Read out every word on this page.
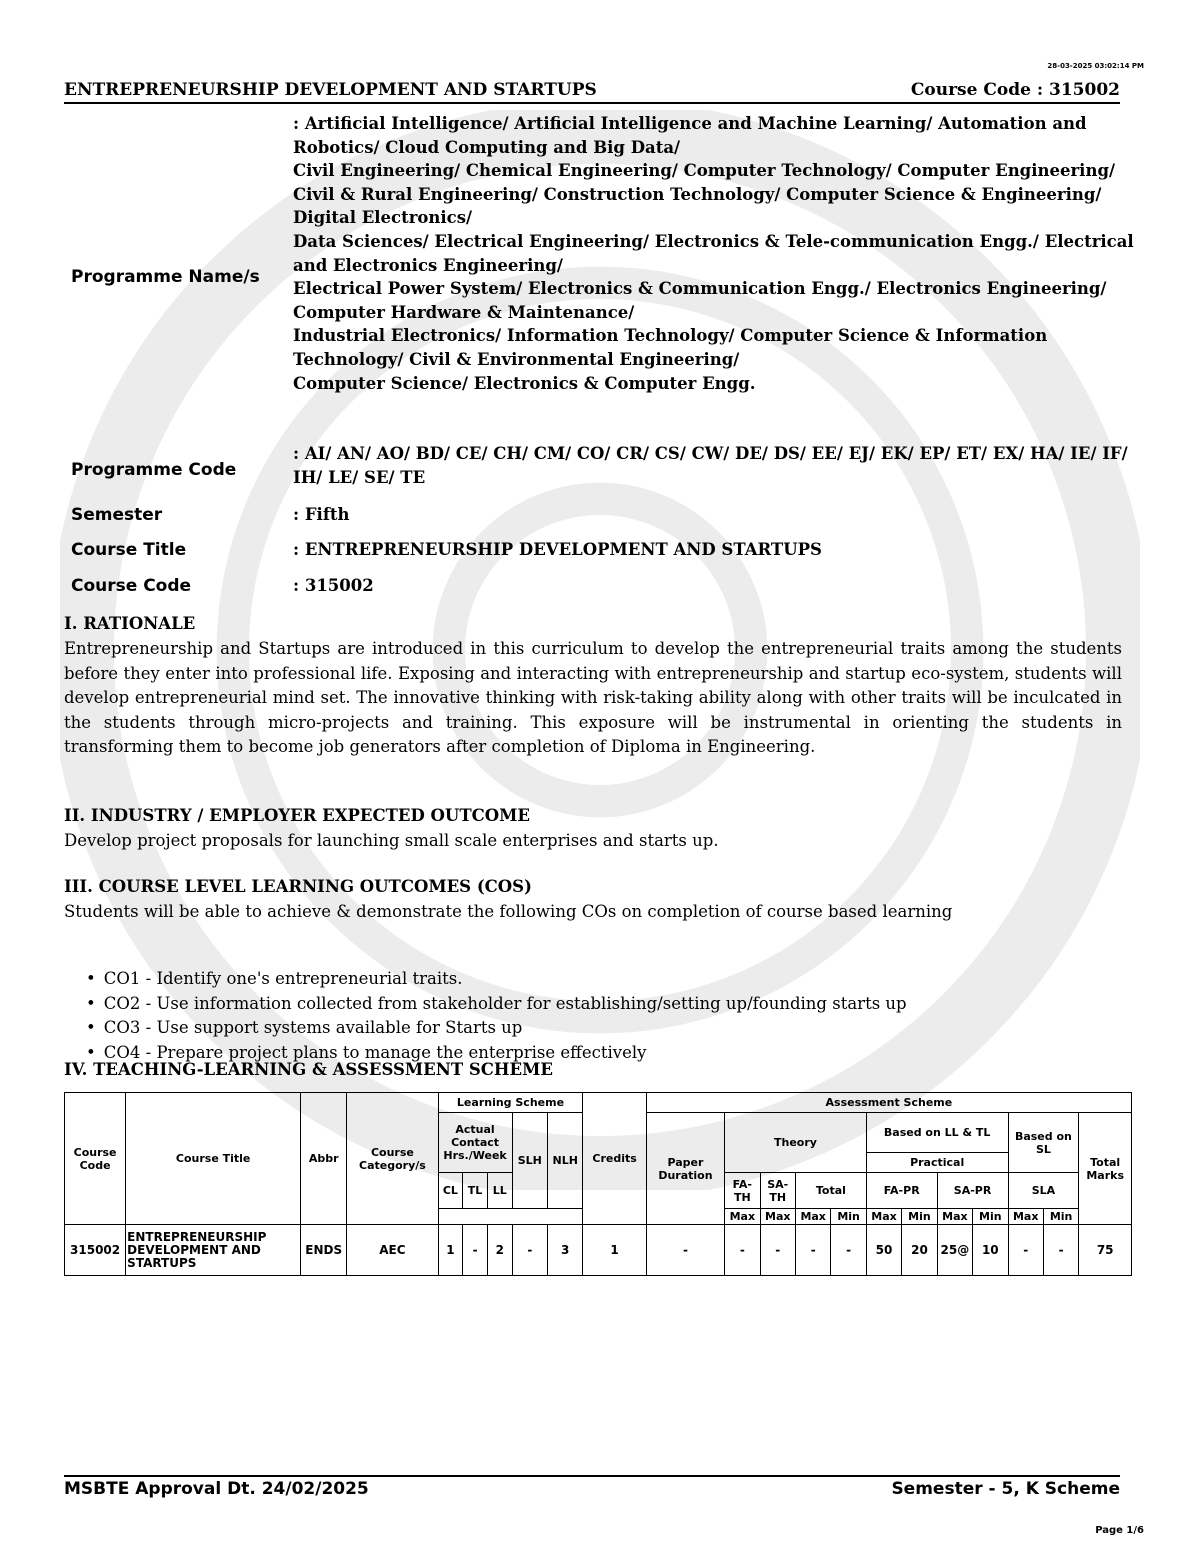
28-03-2025 03:02:14 PM
ENTREPRENEURSHIP DEVELOPMENT AND STARTUPS	Course Code : 315002
Programme Name/s
: Artificial Intelligence/ Artificial Intelligence and Machine Learning/ Automation and Robotics/ Cloud Computing and Big Data/
Civil Engineering/ Chemical Engineering/ Computer Technology/ Computer Engineering/
Civil & Rural Engineering/ Construction Technology/ Computer Science & Engineering/ Digital Electronics/
Data Sciences/ Electrical Engineering/ Electronics & Tele-communication Engg./ Electrical and Electronics Engineering/
Electrical Power System/ Electronics & Communication Engg./ Electronics Engineering/ Computer Hardware & Maintenance/
Industrial Electronics/ Information Technology/ Computer Science & Information Technology/ Civil & Environmental Engineering/
Computer Science/ Electronics & Computer Engg.
Programme Code
: AI/ AN/ AO/ BD/ CE/ CH/ CM/ CO/ CR/ CS/ CW/ DE/ DS/ EE/ EJ/ EK/ EP/ ET/ EX/ HA/ IE/ IF/ IH/ LE/ SE/ TE
Semester	: Fifth
Course Title	: ENTREPRENEURSHIP DEVELOPMENT AND STARTUPS
Course Code	: 315002
I. RATIONALE
Entrepreneurship and Startups are introduced in this curriculum to develop the entrepreneurial traits among the students before they enter into professional life. Exposing and interacting with entrepreneurship and startup eco-system, students will develop entrepreneurial mind set. The innovative thinking with risk-taking ability along with other traits will be inculcated in the students through micro-projects and training. This exposure will be instrumental in orienting the students in transforming them to become job generators after completion of Diploma in Engineering.
II. INDUSTRY / EMPLOYER EXPECTED OUTCOME
Develop project proposals for launching small scale enterprises and starts up.
III. COURSE LEVEL LEARNING OUTCOMES (COS)
Students will be able to achieve & demonstrate the following COs on completion of course based learning
• CO1 - Identify one's entrepreneurial traits.
• CO2 - Use information collected from stakeholder for establishing/setting up/founding starts up
• CO3 - Use support systems available for Starts up
• CO4 - Prepare project plans to manage the enterprise effectively
IV. TEACHING-LEARNING & ASSESSMENT SCHEME
Course Code	Course Title	Abbr	Course Category/s	Learning Scheme					Credits	Assessment Scheme											
				Actual Contact Hrs./Week			SLH	NLH		Paper Duration	Theory				Based on LL & TL				Based on SL		Total Marks
															Practical						
				CL	TL	LL					FA-TH	SA-TH	Total		FA-PR		SA-PR		SLA		
											Max	Max	Max	Min	Max	Min	Max	Min	Max	Min	
315002	ENTREPRENEURSHIP DEVELOPMENT AND STARTUPS	ENDS	AEC	1	-	2	-	3	1	-	-	-	-	-	50	20	25@	10	-	-	75
MSBTE Approval Dt. 24/02/2025	Semester - 5, K Scheme
Page 1/6
